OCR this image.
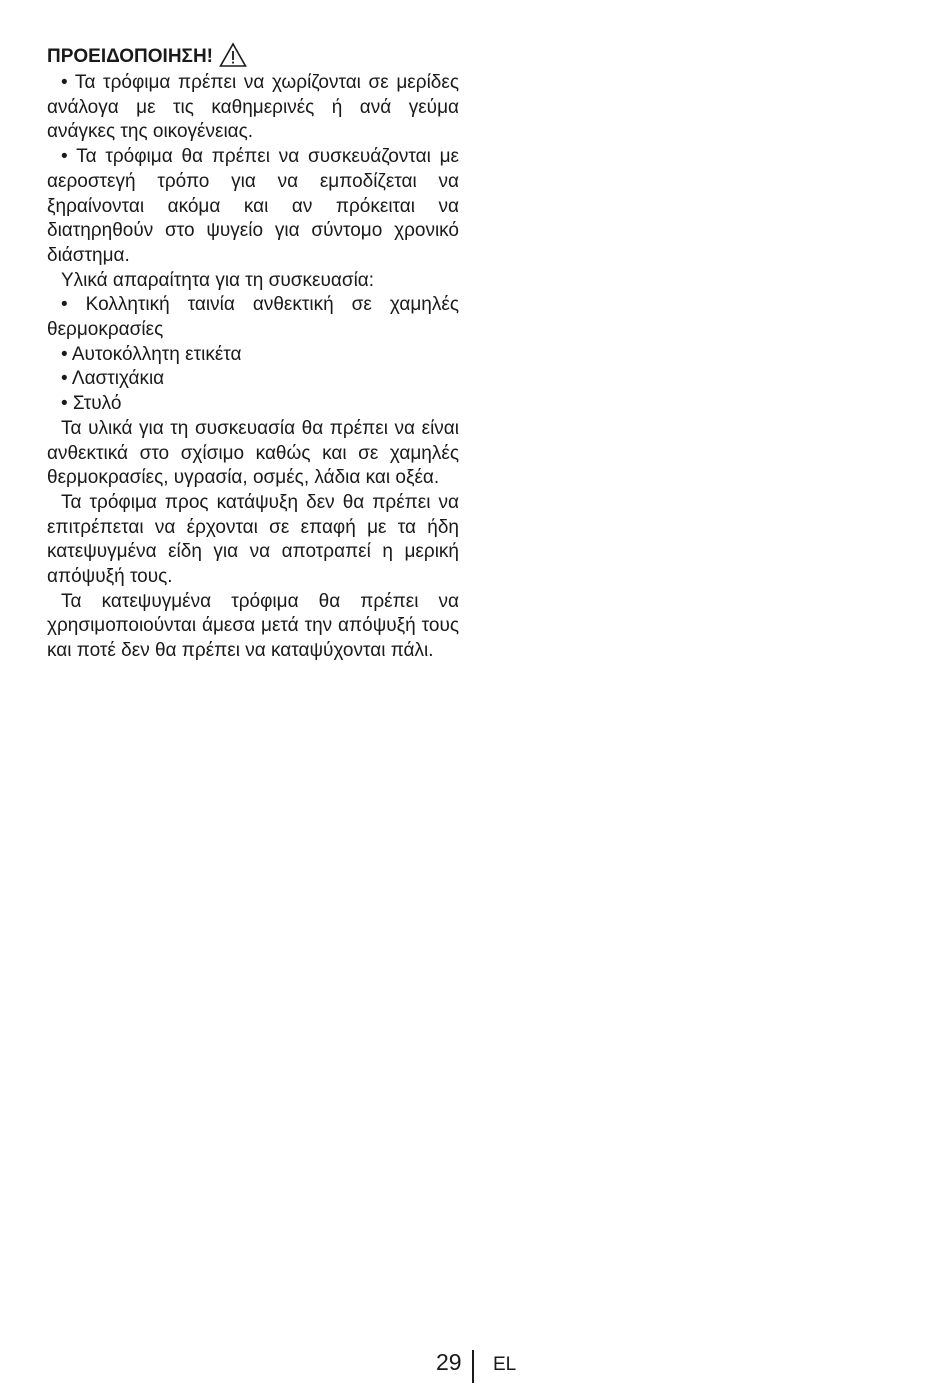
ΠΡΟΕΙΔΟΠΟΙΗΣΗ!

• Τα τρόφιμα πρέπει να χωρίζονται σε μερίδες ανάλογα με τις καθημερινές ή ανά γεύμα ανάγκες της οικογένειας.

• Τα τρόφιμα θα πρέπει να συσκευάζονται με αεροστεγή τρόπο για να εμποδίζεται να ξηραίνονται ακόμα και αν πρόκειται να διατηρηθούν στο ψυγείο για σύντομο χρονικό διάστημα.

Υλικά απαραίτητα για τη συσκευασία:

• Κολλητική ταινία ανθεκτική σε χαμηλές θερμοκρασίες

• Αυτοκόλλητη ετικέτα

• Λαστιχάκια

• Στυλό

Τα υλικά για τη συσκευασία θα πρέπει να είναι ανθεκτικά στο σχίσιμο καθώς και σε χαμηλές θερμοκρασίες, υγρασία, οσμές, λάδια και οξέα.

Τα τρόφιμα προς κατάψυξη δεν θα πρέπει να επιτρέπεται να έρχονται σε επαφή με τα ήδη κατεψυγμένα είδη για να αποτραπεί η μερική απόψυξή τους.

Τα κατεψυγμένα τρόφιμα θα πρέπει να χρησιμοποιούνται άμεσα μετά την απόψυξή τους και ποτέ δεν θα πρέπει να καταψύχονται πάλι.

29 EL
